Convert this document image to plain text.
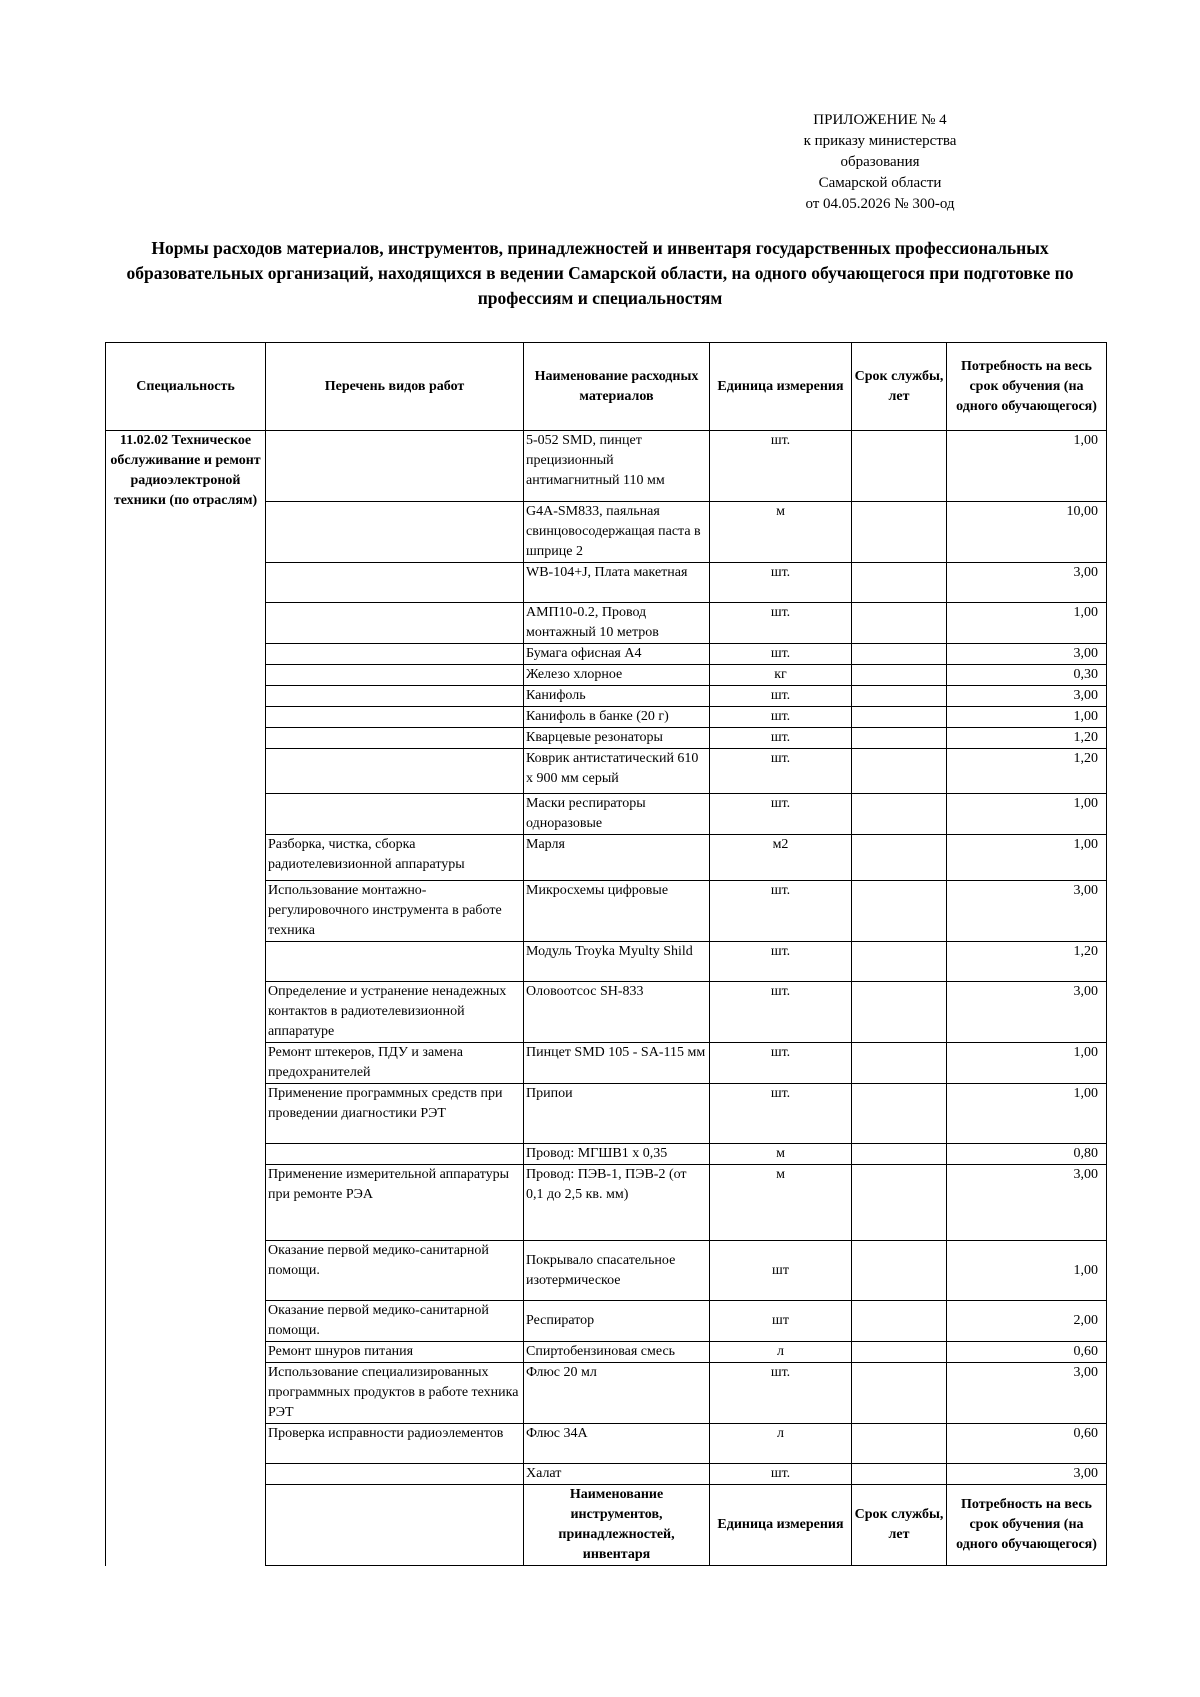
ПРИЛОЖЕНИЕ № 4
к приказу министерства
образования
Самарской области
от 04.05.2026 № 300-од
Нормы расходов материалов, инструментов, принадлежностей и инвентаря государственных профессиональных образовательных организаций, находящихся в ведении Самарской области, на одного обучающегося при подготовке по профессиям и специальностям
Специальность	Перечень видов работ	Наименование расходных материалов	Единица измерения	Срок службы, лет	Потребность на весь срок обучения (на одного обучающегося)
11.02.02 Техническое обслуживание и ремонт радиоэлектроной техники (по отраслям)		5-052 SMD, пинцет прецизионный антимагнитный 110 мм	шт.		1,00
		G4A-SM833, паяльная свинцовосодержащая паста в шприце 2	м		10,00
		WB-104+J, Плата макетная	шт.		3,00
		АМП10-0.2, Провод монтажный 10 метров	шт.		1,00
		Бумага офисная А4	шт.		3,00
		Железо хлорное	кг		0,30
		Канифоль	шт.		3,00
		Канифоль в банке (20 г)	шт.		1,00
		Кварцевые резонаторы	шт.		1,20
		Коврик антистатический 610 х 900 мм серый	шт.		1,20
		Маски респираторы одноразовые	шт.		1,00
	Разборка, чистка, сборка радиотелевизионной аппаратуры	Марля	м2		1,00
	Использование монтажно-регулировочного инструмента в работе техника	Микросхемы цифровые	шт.		3,00
		Модуль Troyka Myulty Shild	шт.		1,20
	Определение и устранение ненадежных контактов в радиотелевизионной аппаратуре	Оловоотсос SH-833	шт.		3,00
	Ремонт штекеров, ПДУ и замена предохранителей	Пинцет SMD 105 - SA-115 мм	шт.		1,00
	Применение программных средств при проведении диагностики РЭТ	Припои	шт.		1,00
		Провод: МГШВ1 х 0,35	м		0,80
	Применение измерительной аппаратуры при ремонте РЭА	Провод: ПЭВ-1, ПЭВ-2 (от 0,1 до 2,5 кв. мм)	м		3,00
	Оказание первой медико-санитарной помощи.	Покрывало спасательное изотермическое	шт		1,00
	Оказание первой медико-санитарной помощи.	Респиратор	шт		2,00
	Ремонт шнуров питания	Спиртобензиновая смесь	л		0,60
	Использование специализированных программных продуктов в работе техника РЭТ	Флюс 20 мл	шт.		3,00
	Проверка исправности радиоэлементов	Флюс 34А	л		0,60
		Халат	шт.		3,00
		Наименование инструментов, принадлежностей, инвентаря	Единица измерения	Срок службы, лет	Потребность на весь срок обучения (на одного обучающегося)
